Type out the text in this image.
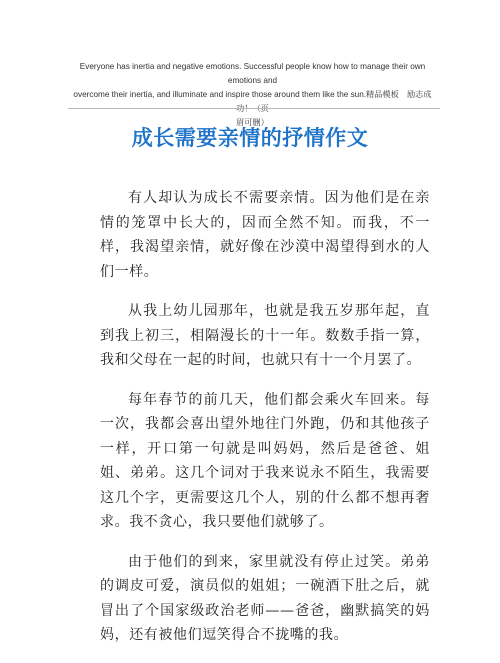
Everyone has inertia and negative emotions. Successful people know how to manage their own emotions and
overcome their inertia, and illuminate and inspire those around them like the sun.精品模板　励志成
眉可删）
成长需要亲情的抒情作文

有人却认为成长不需要亲情。因为他们是在亲情的笼罩中长大的，因而全然不知。而我，不一样，我渴望亲情，就好像在沙漠中渴望得到水的人们一样。

从我上幼儿园那年，也就是我五岁那年起，直到我上初三，相隔漫长的十一年。数数手指一算，我和父母在一起的时间，也就只有十一个月罢了。

每年春节的前几天，他们都会乘火车回来。每一次，我都会喜出望外地往门外跑，仍和其他孩子一样，开口第一句就是叫妈妈，然后是爸爸、姐姐、弟弟。这几个词对于我来说永不陌生，我需要这几个字，更需要这几个人，别的什么都不想再奢求。我不贪心，我只要他们就够了。

由于他们的到来，家里就没有停止过笑。弟弟的调皮可爱，演员似的姐姐；一碗酒下肚之后，就冒出了个国家级政治老师——爸爸，幽默搞笑的妈妈，还有被他们逗笑得合不拢嘴的我。
